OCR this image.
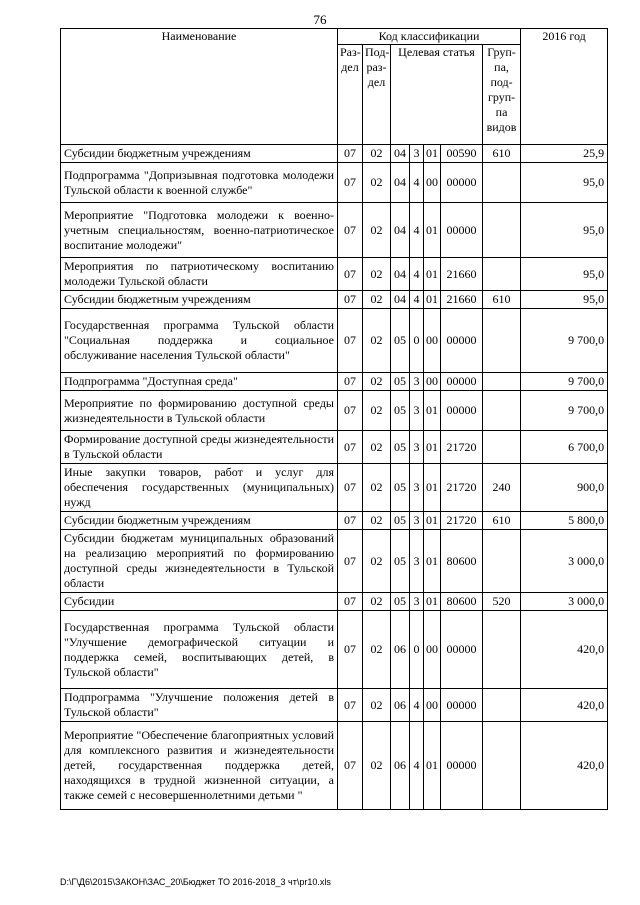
76
Наименование	Код классификации							2016 год
	Раз-дел	Под-раз-дел	Целевая статья				Груп-па, под-груп-па видов	
Субсидии бюджетным учреждениям	07	02	04	3	01	00590	610	25,9
Подпрограмма "Допризывная подготовка молодежи Тульской области к военной службе"	07	02	04	4	00	00000		95,0
Мероприятие "Подготовка молодежи к военно-учетным специальностям, военно-патриотическое воспитание молодежи"	07	02	04	4	01	00000		95,0
Мероприятия по патриотическому воспитанию молодежи Тульской области	07	02	04	4	01	21660		95,0
Субсидии бюджетным учреждениям	07	02	04	4	01	21660	610	95,0
Государственная программа Тульской области "Социальная поддержка и социальное обслуживание населения Тульской области"	07	02	05	0	00	00000		9 700,0
Подпрограмма "Доступная среда"	07	02	05	3	00	00000		9 700,0
Мероприятие по формированию доступной среды жизнедеятельности в Тульской области	07	02	05	3	01	00000		9 700,0
Формирование доступной среды жизнедеятельности в Тульской области	07	02	05	3	01	21720		6 700,0
Иные закупки товаров, работ и услуг для обеспечения государственных (муниципальных) нужд	07	02	05	3	01	21720	240	900,0
Субсидии бюджетным учреждениям	07	02	05	3	01	21720	610	5 800,0
Субсидии бюджетам муниципальных образований на реализацию мероприятий по формированию доступной среды жизнедеятельности в Тульской области	07	02	05	3	01	80600		3 000,0
Субсидии	07	02	05	3	01	80600	520	3 000,0
Государственная программа Тульской области "Улучшение демографической ситуации и поддержка семей, воспитывающих детей, в Тульской области"	07	02	06	0	00	00000		420,0
Подпрограмма "Улучшение положения детей в Тульской области"	07	02	06	4	00	00000		420,0
Мероприятие "Обеспечение благоприятных условий для комплексного развития и жизнедеятельности детей, государственная поддержка детей, находящихся в трудной жизненной ситуации, а также семей с несовершеннолетними детьми "	07	02	06	4	01	00000		420,0
D:\Г\Д6\2015\ЗАКОН\ЗАС_20\Бюджет ТО 2016-2018_3 чт\pr10.xls
